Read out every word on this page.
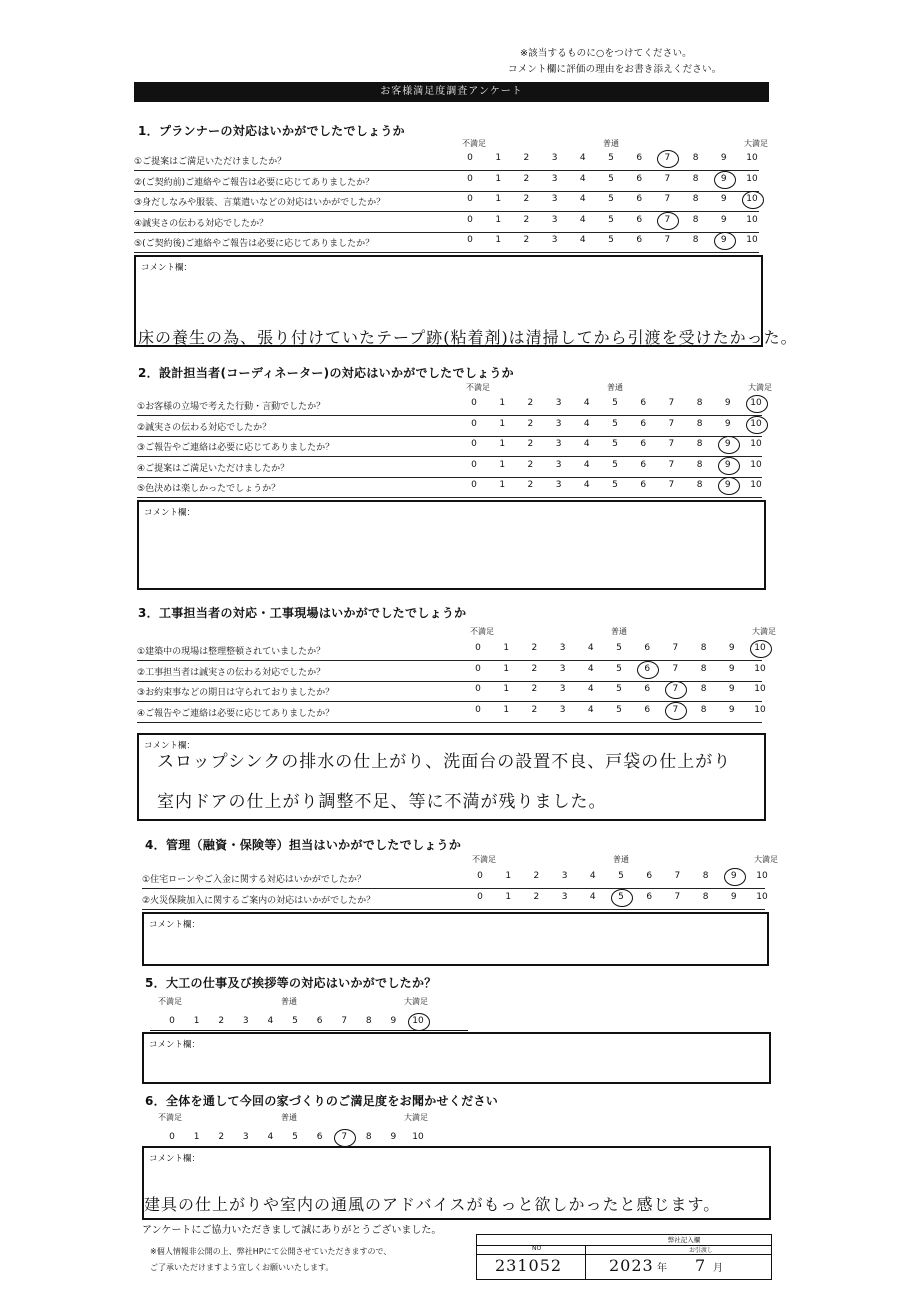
※該当するものに○をつけてください。
コメント欄に評価の理由をお書き添えください。
お客様満足度調査アンケート
1．プランナーの対応はいかがでしたでしょうか
不満足	普通	大満足
①ご提案はご満足いただけましたか？	0	1	2	3	4	5	6	7	8	9	10
②(ご契約前)ご連絡やご報告は必要に応じてありましたか？	0	1	2	3	4	5	6	7	8	9	10
③身だしなみや服装、言葉遣いなどの対応はいかがでしたか？	0	1	2	3	4	5	6	7	8	9	10
④誠実さの伝わる対応でしたか？	0	1	2	3	4	5	6	7	8	9	10
⑤(ご契約後)ご連絡やご報告は必要に応じてありましたか？	0	1	2	3	4	5	6	7	8	9	10
コメント欄：
床の養生の為、張り付けていたテープ跡(粘着剤)は清掃してから引渡を受けたかった。
2．設計担当者(コーディネーター)の対応はいかがでしたでしょうか
不満足	普通	大満足
①お客様の立場で考えた行動・言動でしたか？	0	1	2	3	4	5	6	7	8	9	10
②誠実さの伝わる対応でしたか？	0	1	2	3	4	5	6	7	8	9	10
③ご報告やご連絡は必要に応じてありましたか？	0	1	2	3	4	5	6	7	8	9	10
④ご提案はご満足いただけましたか？	0	1	2	3	4	5	6	7	8	9	10
⑤色決めは楽しかったでしょうか？	0	1	2	3	4	5	6	7	8	9	10
コメント欄：
3．工事担当者の対応・工事現場はいかがでしたでしょうか
不満足	普通	大満足
①建築中の現場は整理整頓されていましたか？	0	1	2	3	4	5	6	7	8	9	10
②工事担当者は誠実さの伝わる対応でしたか？	0	1	2	3	4	5	6	7	8	9	10
③お約束事などの期日は守られておりましたか？	0	1	2	3	4	5	6	7	8	9	10
④ご報告やご連絡は必要に応じてありましたか？	0	1	2	3	4	5	6	7	8	9	10
コメント欄：
スロップシンクの排水の仕上がり、洗面台の設置不良、戸袋の仕上がり
室内ドアの仕上がり調整不足、等に不満が残りました。
4．管理（融資・保険等）担当はいかがでしたでしょうか
不満足	普通	大満足
①住宅ローンやご入金に関する対応はいかがでしたか？	0	1	2	3	4	5	6	7	8	9	10
②火災保険加入に関するご案内の対応はいかがでしたか？	0	1	2	3	4	5	6	7	8	9	10
コメント欄：
5．大工の仕事及び挨拶等の対応はいかがでしたか？
不満足	普通	大満足
0	1	2	3	4	5	6	7	8	9	10
コメント欄：
6．全体を通して今回の家づくりのご満足度をお聞かせください
不満足	普通	大満足
0	1	2	3	4	5	6	7	8	9	10
コメント欄：
建具の仕上がりや室内の通風のアドバイスがもっと欲しかったと感じます。
アンケートにご協力いただきまして誠にありがとうございました。
※個人情報非公開の上、弊社HPにて公開させていただきますので、
ご了承いただけますよう宜しくお願いいたします。
弊社記入欄
NO	お引渡し
231052	2023 年 7 月
